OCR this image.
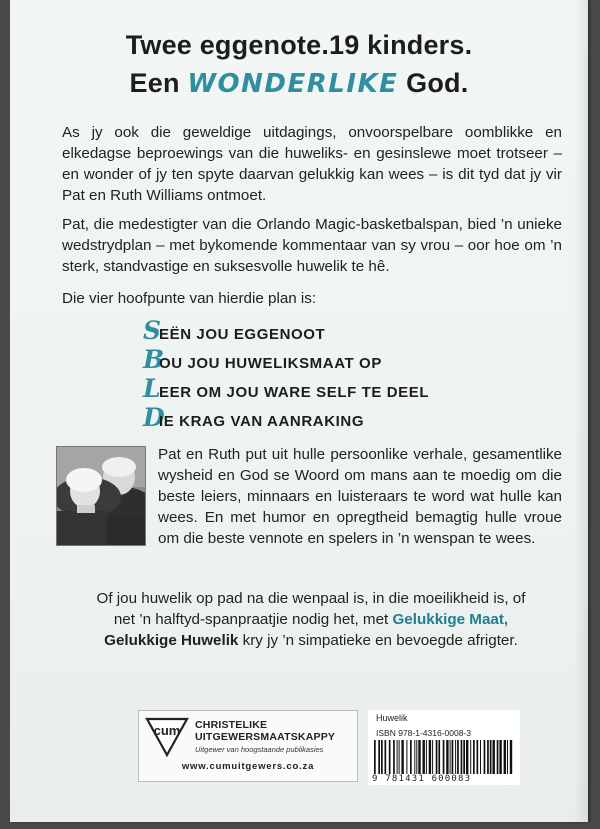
Twee eggenote.19 kinders.
Een WONDERLIKE God.

As jy ook die geweldige uitdagings, onvoorspelbare oomblikke en elkedagse beproewings van die huweliks- en gesinslewe moet trotseer – en wonder of jy ten spyte daarvan gelukkig kan wees – is dit tyd dat jy vir Pat en Ruth Williams ontmoet.

Pat, die medestigter van die Orlando Magic-basketbalspan, bied ’n unieke wedstrydplan – met bykomende kommentaar van sy vrou – oor hoe om ’n sterk, standvastige en suksesvolle huwelik te hê.

Die vier hoofpunte van hierdie plan is:

S
EËN JOU EGGENOOT
B
OU JOU HUWELIKSMAAT OP
L
EER OM JOU WARE SELF TE DEEL
D
IE KRAG VAN AANRAKING

Pat en Ruth put uit hulle persoonlike verhale, gesamentlike wysheid en God se Woord om mans aan te moedig om die beste leiers, minnaars en luisteraars te word wat hulle kan wees. En met humor en opregtheid bemagtig hulle vroue om die beste vennote en spelers in ’n wenspan te wees.

Of jou huwelik op pad na die wenpaal is, in die moeilikheid is, of net ’n halftyd-spanpraatjie nodig het, met Gelukkige Maat, Gelukkige Huwelik kry jy ’n simpatieke en bevoegde afrigter.

cum CHRISTELIKE
UITGEWERSMAATSKAPPY
Uitgewer van hoogstaande publikasies
www.cumuitgewers.co.za
Huwelik
ISBN 978-1-4316-0008-3
9 781431 600083
